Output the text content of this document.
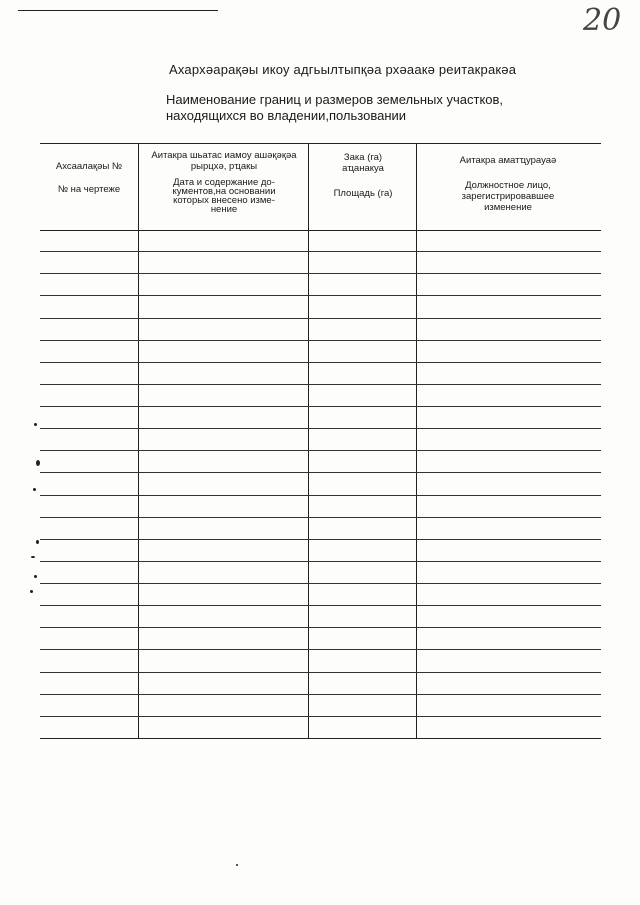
20
Ахархәарақәы икоу адгьылтыпқәа рхәаакә реитакракәа
Наименование границ и размеров земельных участков,
находящихся во владении,пользовании
Ахсаалақәы №
№ на чертеже
Аитакра шьатас иамоу ашәқәқәа рырцхә, рҵакы
Дата и содержание до- кументов,на основании которых внесено изме- нение
Зака (га) аҵанакуа
Площадь (га)
Аитакра аматҵурауаә
Должностное лицо, зарегистрировавшее изменение
